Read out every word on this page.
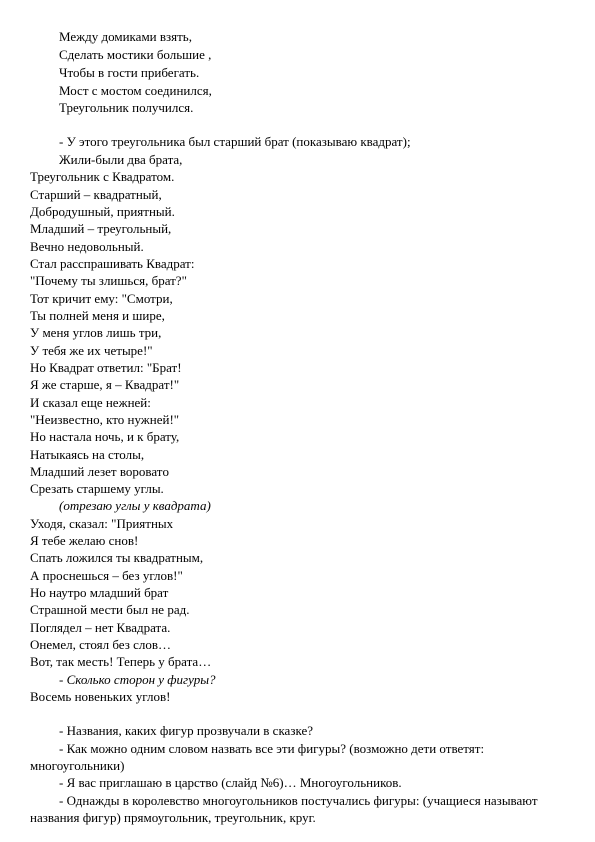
Между домиками взять,
Сделать мостики большие ,
Чтобы в гости прибегать.
Мост с мостом соединился,
Треугольник получился.
- У этого треугольника был старший брат (показываю квадрат);
Жили-были два брата,
Треугольник с Квадратом.
Старший – квадратный,
Добродушный, приятный.
Младший – треугольный,
Вечно недовольный.
Стал расспрашивать Квадрат:
"Почему ты злишься, брат?"
Тот кричит ему: "Смотри,
Ты полней меня и шире,
У меня углов лишь три,
У тебя же их четыре!"
Но Квадрат ответил: "Брат!
Я же старше, я – Квадрат!"
И сказал еще нежней:
"Неизвестно, кто нужней!"
Но настала ночь, и к брату,
Натыкаясь на столы,
Младший лезет вороватo
Срезать старшему углы.
(отрезаю углы у квадрата)
Уходя, сказал: "Приятных
Я тебе желаю снов!
Спать ложился ты квадратным,
А проснешься – без углов!"
Но наутро младший брат
Страшной мести был не рад.
Поглядел – нет Квадрата.
Онемел, стоял без слов…
Вот, так месть! Теперь у брата…
- Сколько сторон у фигуры?
Восемь новеньких углов!
- Названия, каких фигур прозвучали в сказке?
- Как можно одним словом назвать все эти фигуры? (возможно дети ответят: многоугольники)
- Я вас приглашаю в царство (слайд №6)… Многоугольников.
- Однажды в королевство многоугольников постучались фигуры: (учащиеся называют названия фигур) прямоугольник, треугольник, круг.
